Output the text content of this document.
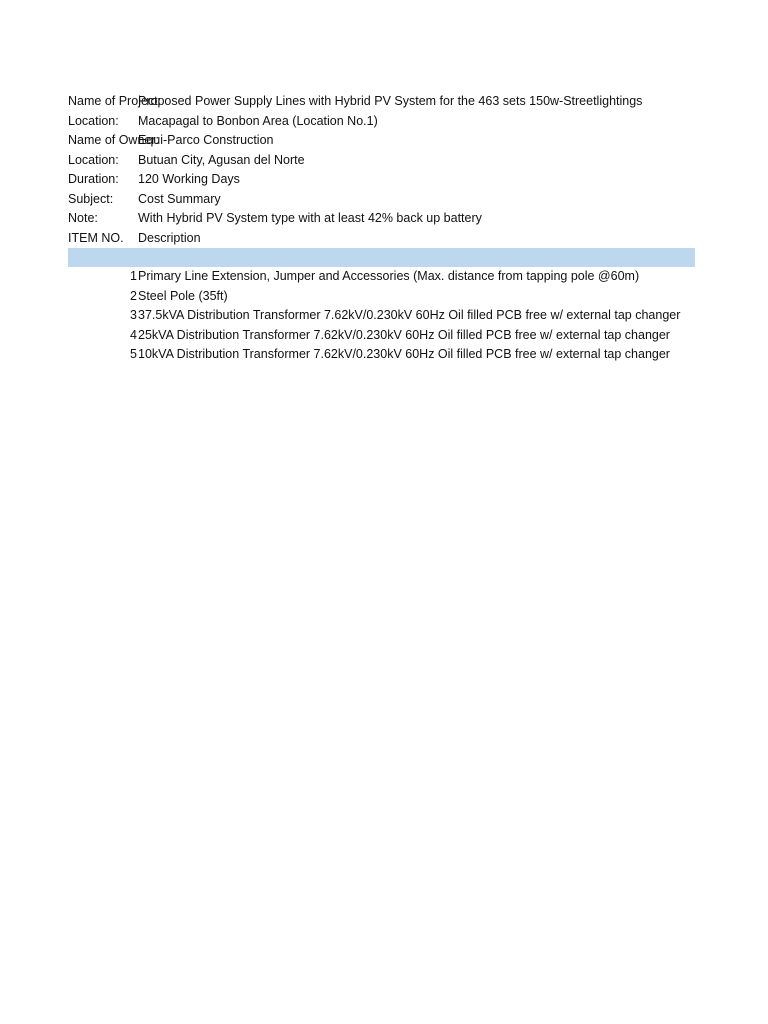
Name of Project:
Proposed Power Supply Lines with Hybrid PV System for the 463 sets 150w-Streetlightings
Location:	Macapagal to Bonbon Area (Location No.1)
Name of Owner:
Equi-Parco Construction
Location:	Butuan City, Agusan del Norte
Duration:	120 Working Days
Subject:	Cost Summary
Note:	With Hybrid PV System type with at least 42% back up battery
ITEM NO.	Description
1 Primary Line Extension, Jumper and Accessories (Max. distance from tapping pole @60m)
2 Steel Pole (35ft)
3 37.5kVA Distribution Transformer 7.62kV/0.230kV 60Hz Oil filled PCB free w/ external tap changer
4 25kVA Distribution Transformer 7.62kV/0.230kV 60Hz Oil filled PCB free w/ external tap changer
5 10kVA Distribution Transformer 7.62kV/0.230kV 60Hz Oil filled PCB free w/ external tap changer
